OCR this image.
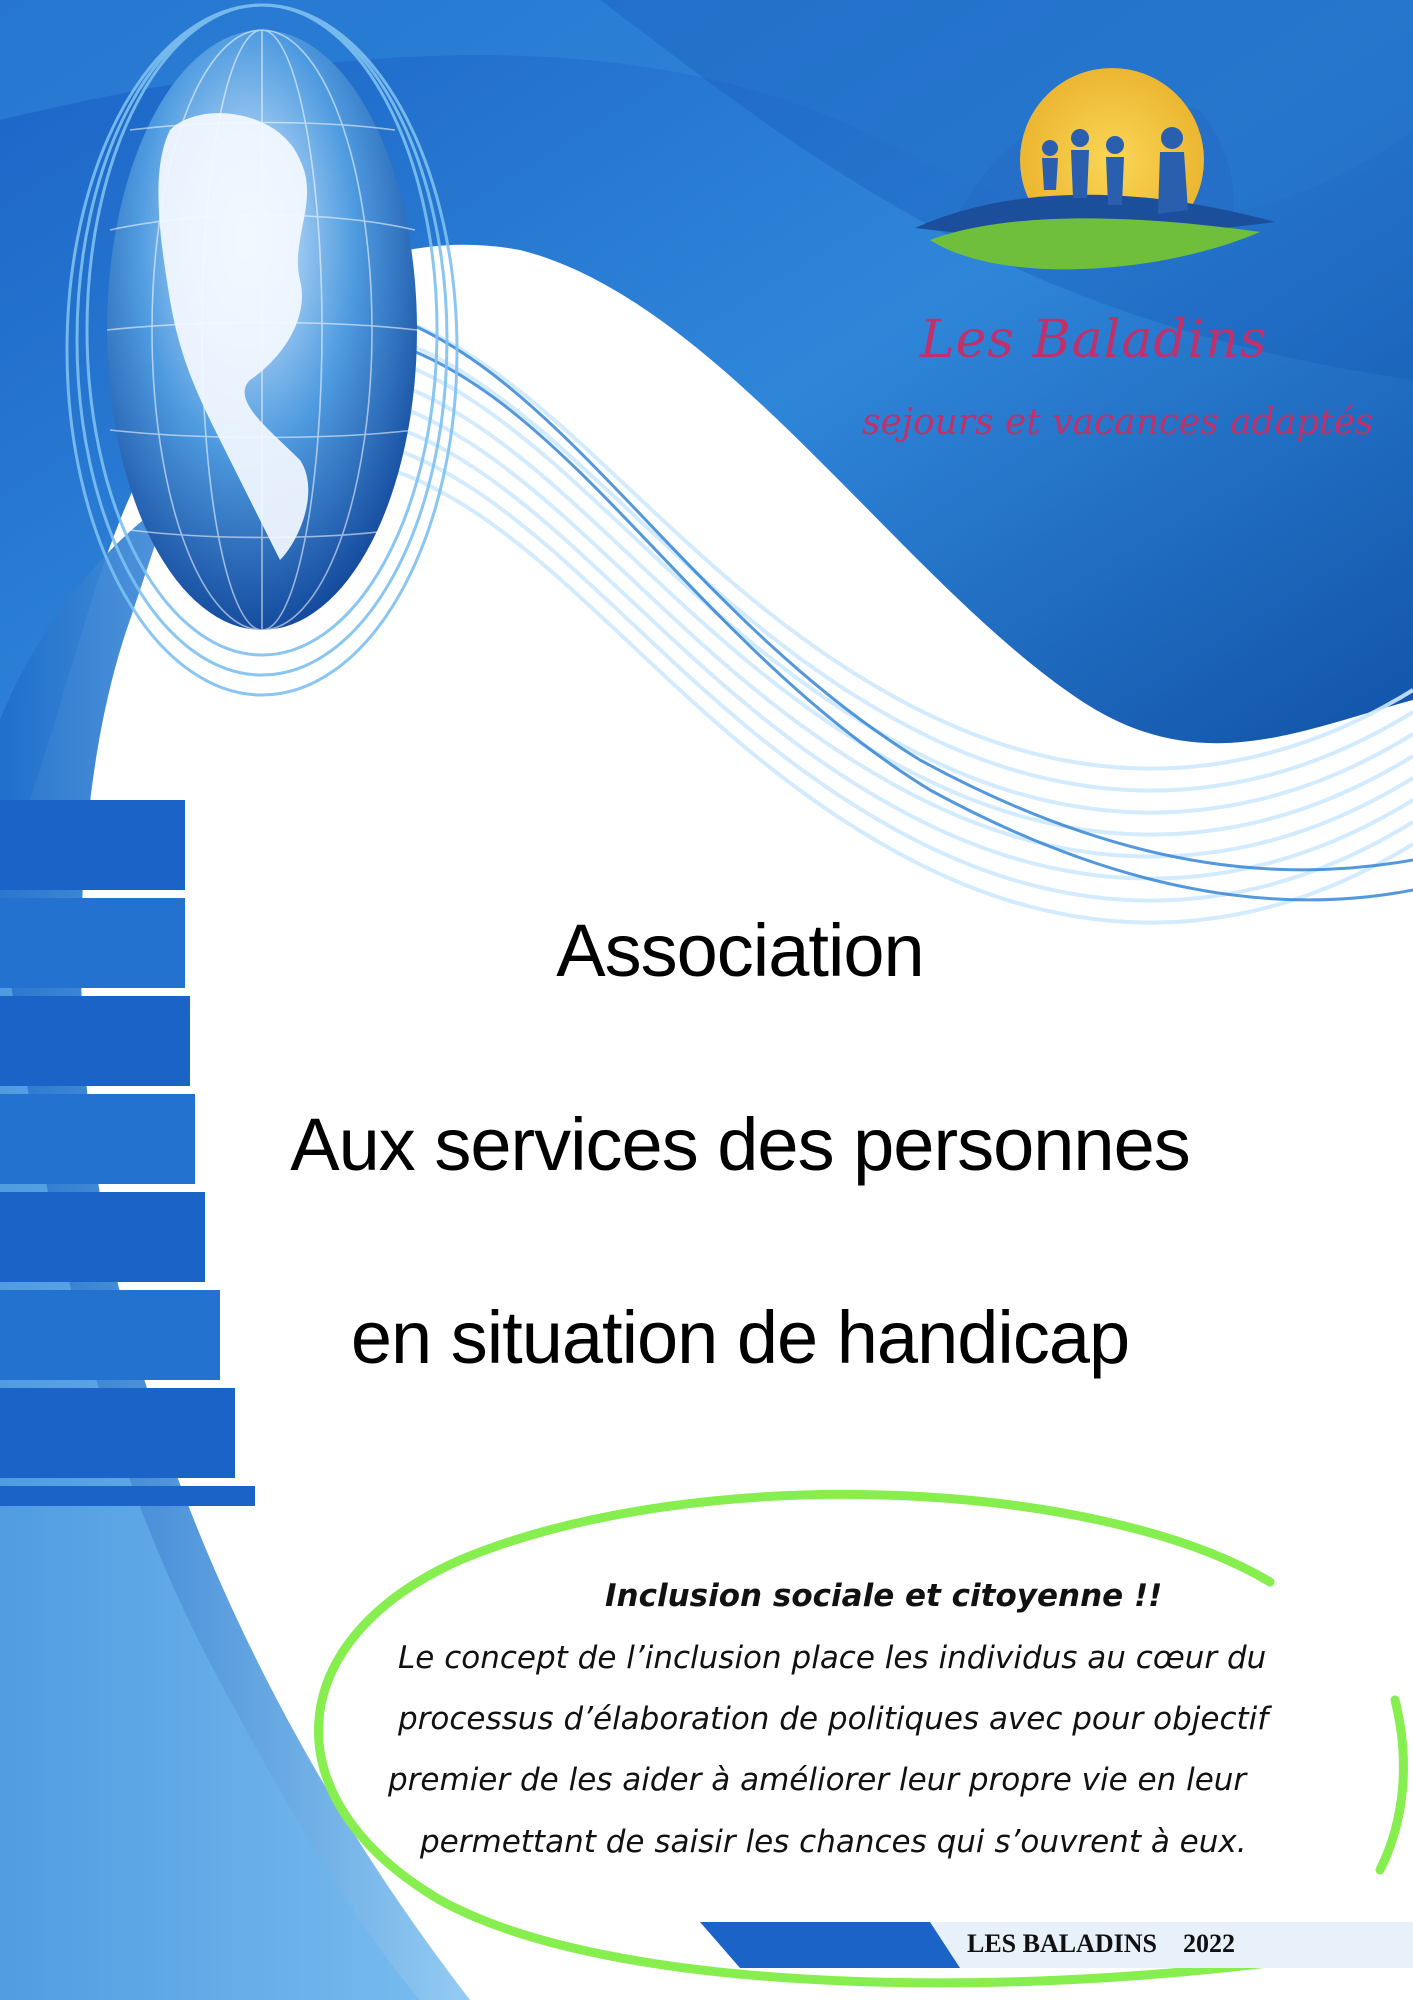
Les Baladins
sejours et vacances adaptés
Association
Aux services des personnes
en situation de handicap
Inclusion sociale et citoyenne !!
Le concept de l’inclusion place les individus au cœur du
processus d’élaboration de politiques avec pour objectif
premier de les aider à améliorer leur propre vie en leur
permettant de saisir les chances qui s’ouvrent à eux.
LES BALADINS    2022
